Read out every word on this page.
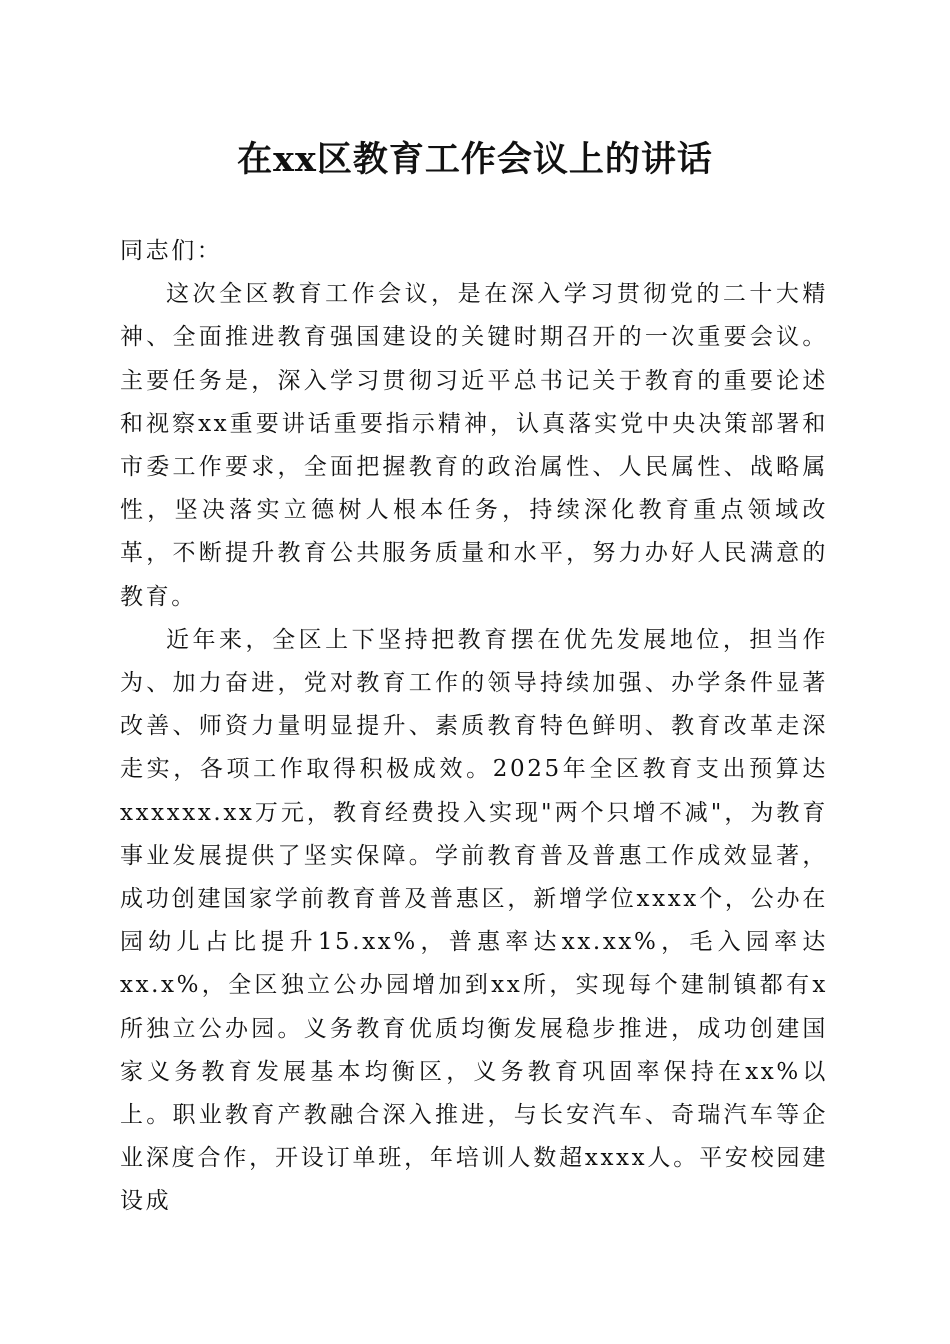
在xx区教育工作会议上的讲话

同志们：

这次全区教育工作会议，是在深入学习贯彻党的二十大精神、全面推进教育强国建设的关键时期召开的一次重要会议。主要任务是，深入学习贯彻习近平总书记关于教育的重要论述和视察xx重要讲话重要指示精神，认真落实党中央决策部署和市委工作要求，全面把握教育的政治属性、人民属性、战略属性，坚决落实立德树人根本任务，持续深化教育重点领域改革，不断提升教育公共服务质量和水平，努力办好人民满意的教育。

近年来，全区上下坚持把教育摆在优先发展地位，担当作为、加力奋进，党对教育工作的领导持续加强、办学条件显著改善、师资力量明显提升、素质教育特色鲜明、教育改革走深走实，各项工作取得积极成效。2025年全区教育支出预算达xxxxxx.xx万元，教育经费投入实现"两个只增不减"，为教育事业发展提供了坚实保障。学前教育普及普惠工作成效显著，成功创建国家学前教育普及普惠区，新增学位xxxx个，公办在园幼儿占比提升15.xx%，普惠率达xx.xx%，毛入园率达xx.x%，全区独立公办园增加到xx所，实现每个建制镇都有x所独立公办园。义务教育优质均衡发展稳步推进，成功创建国家义务教育发展基本均衡区，义务教育巩固率保持在xx%以上。职业教育产教融合深入推进，与长安汽车、奇瑞汽车等企业深度合作，开设订单班，年培训人数超xxxx人。平安校园建设成
